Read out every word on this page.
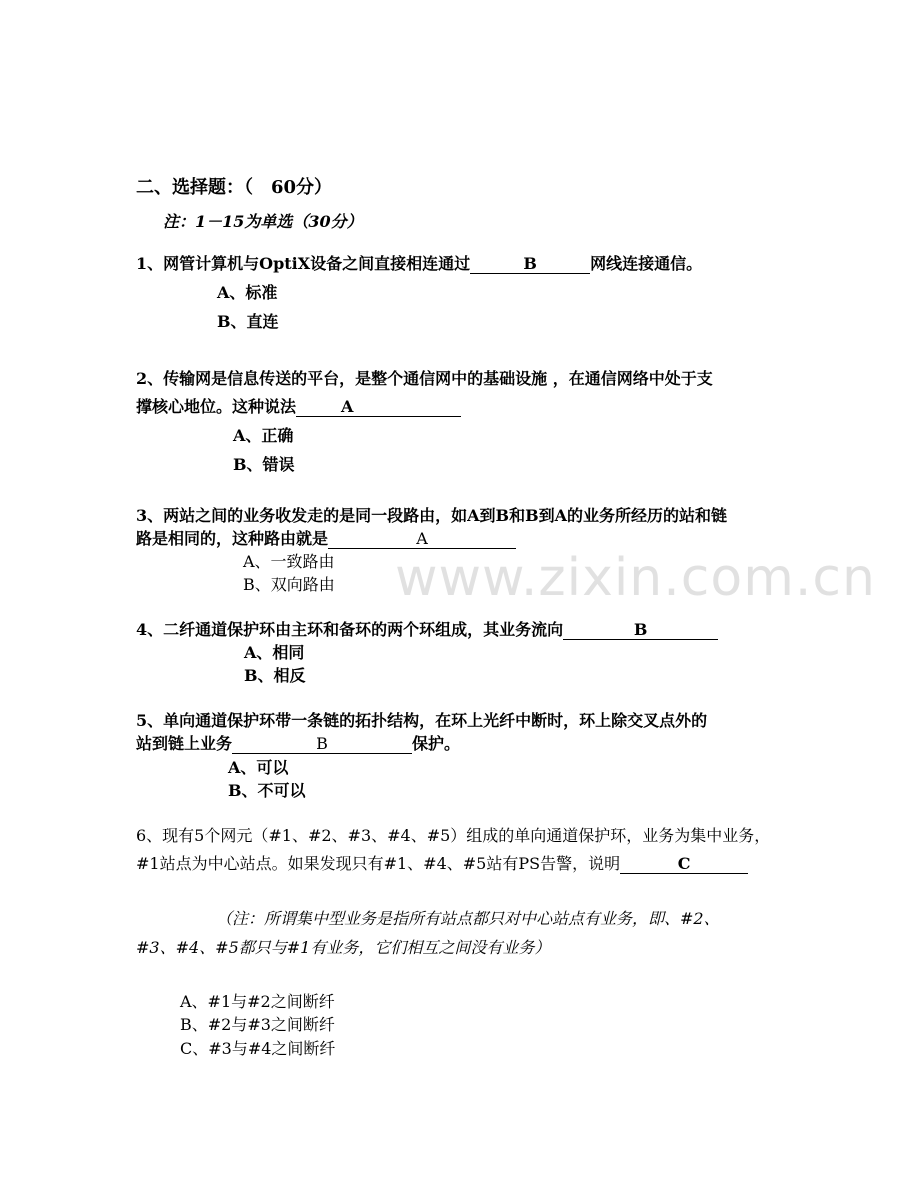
www.zixin.com.cn
二、选择题：（　60分）
注：1－15为单选（30分）
1、网管计算机与OptiX设备之间直接相连通过	B	网线连接通信。
A、标准
B、直连
2、传输网是信息传送的平台，是整个通信网中的基础设施 ，在通信网络中处于支
撑核心地位。这种说法	A
A、正确
B、错误
3、两站之间的业务收发走的是同一段路由，如A到B和B到A的业务所经历的站和链
路是相同的，这种路由就是	A
A、一致路由
B、双向路由
4、二纤通道保护环由主环和备环的两个环组成，其业务流向	B
A、相同
B、相反
5、单向通道保护环带一条链的拓扑结构，在环上光纤中断时，环上除交叉点外的
站到链上业务	B	保护。
A、可以
B、不可以
6、现有5个网元（#1、#2、#3、#4、#5）组成的单向通道保护环，业务为集中业务，
#1站点为中心站点。如果发现只有#1、#4、#5站有PS告警，说明	C
（注：所谓集中型业务是指所有站点都只对中心站点有业务，即、#2、
#3、#4、#5都只与#1有业务，它们相互之间没有业务）
A、#1与#2之间断纤
B、#2与#3之间断纤
C、#3与#4之间断纤
